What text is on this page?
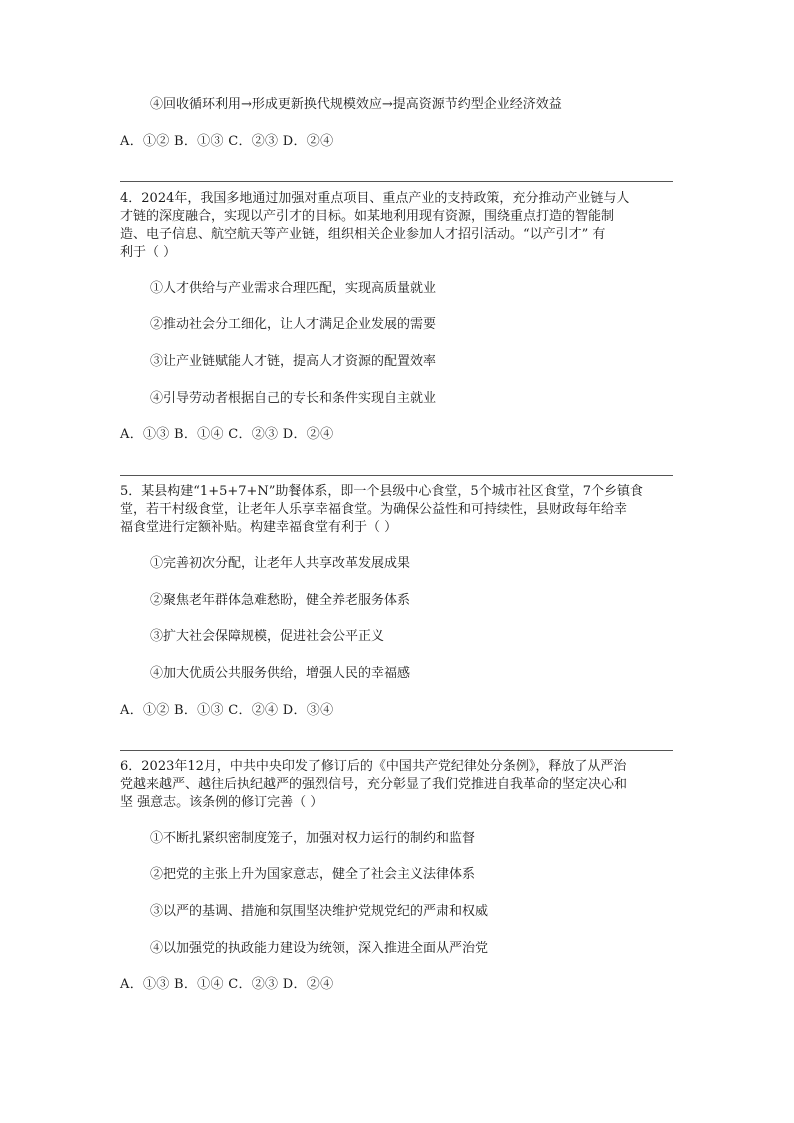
④回收循环利用→形成更新换代规模效应→提高资源节约型企业经济效益
A．①② B．①③ C．②③ D．②④
4．2024年，我国多地通过加强对重点项目、重点产业的支持政策，充分推动产业链与人
才链的深度融合，实现以产引才的目标。如某地利用现有资源，围绕重点打造的智能制
造、电子信息、航空航天等产业链，组织相关企业参加人才招引活动。“以产引才” 有
利于（ ）
①人才供给与产业需求合理匹配，实现高质量就业
②推动社会分工细化，让人才满足企业发展的需要
③让产业链赋能人才链，提高人才资源的配置效率
④引导劳动者根据自己的专长和条件实现自主就业
A．①③ B．①④ C．②③ D．②④
5．某县构建“1+5+7+N”助餐体系，即一个县级中心食堂，5个城市社区食堂，7个乡镇食
堂，若干村级食堂，让老年人乐享幸福食堂。为确保公益性和可持续性，县财政每年给幸
福食堂进行定额补贴。构建幸福食堂有利于（ ）
①完善初次分配，让老年人共享改革发展成果
②聚焦老年群体急难愁盼，健全养老服务体系
③扩大社会保障规模，促进社会公平正义
④加大优质公共服务供给，增强人民的幸福感
A．①② B．①③ C．②④ D．③④
6．2023年12月，中共中央印发了修订后的《中国共产党纪律处分条例》，释放了从严治
党越来越严、越往后执纪越严的强烈信号，充分彰显了我们党推进自我革命的坚定决心和
坚 强意志。该条例的修订完善（ ）
①不断扎紧织密制度笼子，加强对权力运行的制约和监督
②把党的主张上升为国家意志，健全了社会主义法律体系
③以严的基调、措施和氛围坚决维护党规党纪的严肃和权威
④以加强党的执政能力建设为统领，深入推进全面从严治党
A．①③ B．①④ C．②③ D．②④
